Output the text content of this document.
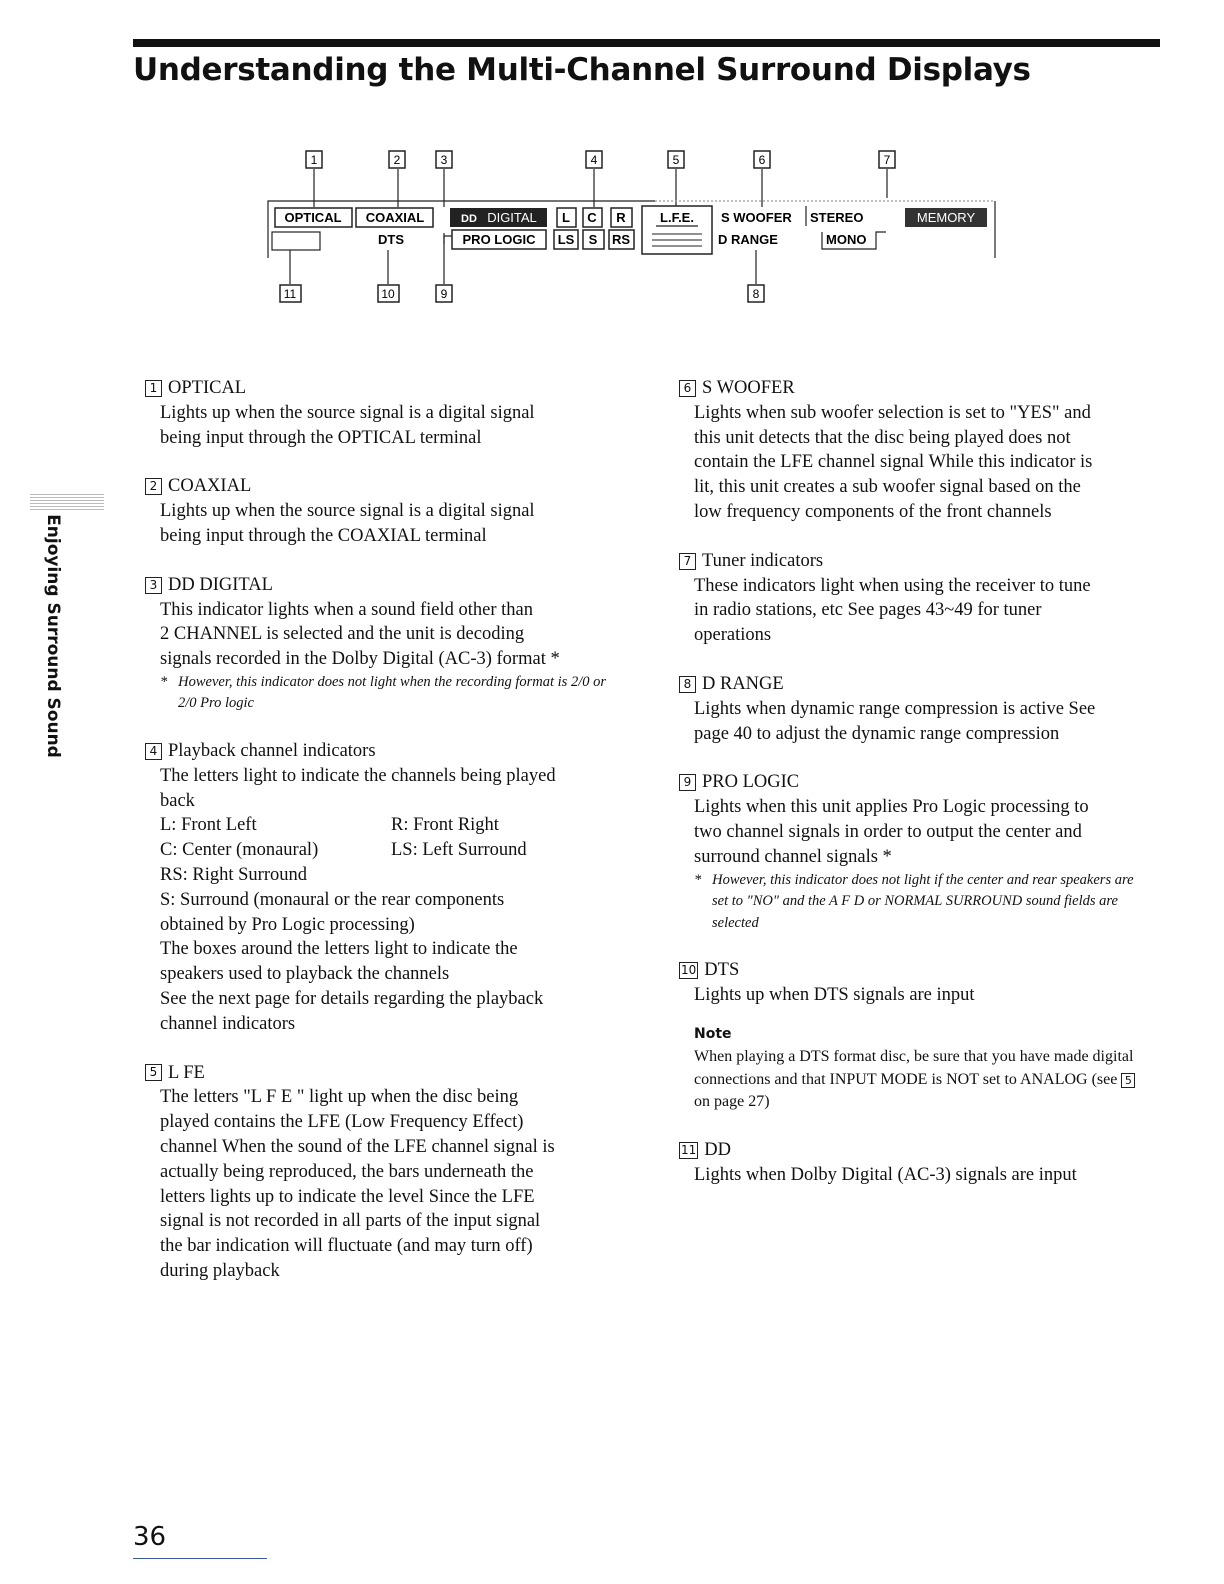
Understanding the Multi-Channel Surround Displays
Enjoying Surround Sound
1	2	3	4	5	6	7
8
9
10
11
OPTICAL COAXIAL	DD DIGITAL L C R	L.F.E. S WOOFER STEREO	MEMORY
DTS	PRO LOGIC LS S RS	D RANGE	MONO
1 OPTICAL

Lights up when the source signal is a digital signal

being input through the OPTICAL terminal

2 COAXIAL

Lights up when the source signal is a digital signal

being input through the COAXIAL terminal

3 DD DIGITAL

This indicator lights when a sound field other than

2 CHANNEL is selected and the unit is decoding

signals recorded in the Dolby Digital (AC-3) format *

* However, this indicator does not light when the recording format is 2/0 or 2/0 Pro logic

4 Playback channel indicators

The letters light to indicate the channels being played

back

L: Front Left	R: Front Right
C: Center (monaural)	LS: Left Surround

RS: Right Surround

S: Surround (monaural or the rear components

obtained by Pro Logic processing)

The boxes around the letters light to indicate the

speakers used to playback the channels

See the next page for details regarding the playback

channel indicators

5 L FE

The letters "L F E " light up when the disc being

played contains the LFE (Low Frequency Effect)

channel When the sound of the LFE channel signal is

actually being reproduced, the bars underneath the

letters lights up to indicate the level Since the LFE

signal is not recorded in all parts of the input signal

the bar indication will fluctuate (and may turn off)

during playback

6 S WOOFER

Lights when sub woofer selection is set to "YES" and

this unit detects that the disc being played does not

contain the LFE channel signal While this indicator is

lit, this unit creates a sub woofer signal based on the

low frequency components of the front channels

7 Tuner indicators

These indicators light when using the receiver to tune

in radio stations, etc See pages 43~49 for tuner

operations

8 D RANGE

Lights when dynamic range compression is active See

page 40 to adjust the dynamic range compression

9 PRO LOGIC

Lights when this unit applies Pro Logic processing to

two channel signals in order to output the center and

surround channel signals *

* However, this indicator does not light if the center and rear speakers are set to "NO" and the A F D or NORMAL SURROUND sound fields are selected

10 DTS

Lights up when DTS signals are input

Note

When playing a DTS format disc, be sure that you have made digital connections and that INPUT MODE is NOT set to ANALOG (see 5 on page 27)

11 DD

Lights when Dolby Digital (AC-3) signals are input

36
